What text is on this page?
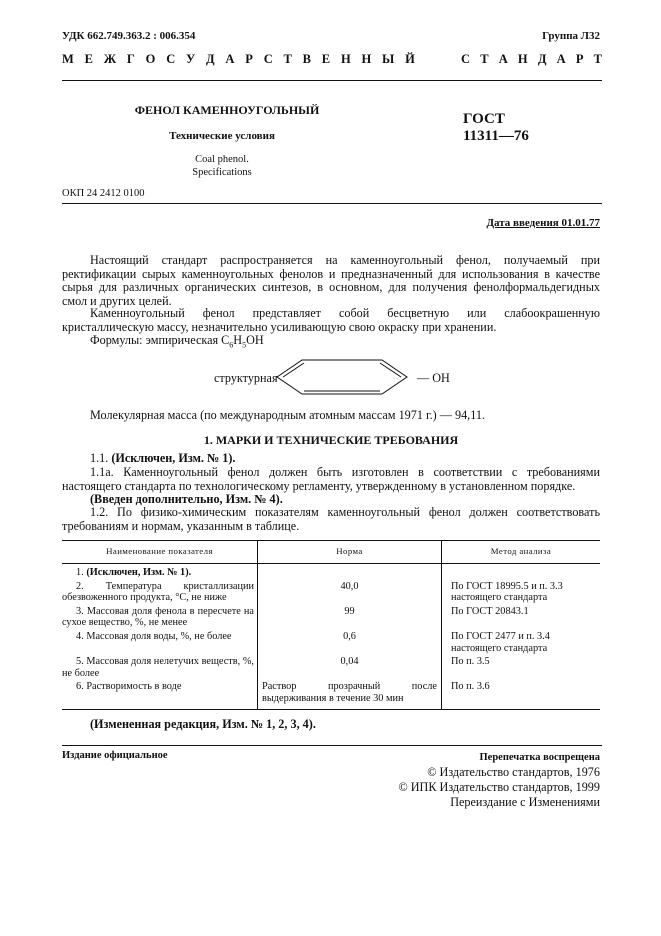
УДК 662.749.363.2 : 006.354	Группа Л32
М Е Ж Г О С У Д А Р С Т В Е Н Н Ы Й	С Т А Н Д А Р Т
ФЕНОЛ КАМЕННОУГОЛЬНЫЙ
Технические условия
Coal phenol.
Specifications
ГОСТ
11311—76
ОКП 24 2412 0100
Дата введения 01.01.77
Настоящий стандарт распространяется на каменноугольный фенол, получаемый при ректификации сырых каменноугольных фенолов и предназначенный для использования в качестве сырья для различных органических синтезов, в основном, для получения фенолформальдегидных смол и других целей.
Каменноугольный фенол представляет собой бесцветную или слабоокрашенную кристаллическую массу, незначительно усиливающую свою окраску при хранении.
Формулы: эмпирическая $C_6H_5OH$
структурная	— OH
Молекулярная масса (по международным атомным массам 1971 г.) — 94,11.
1. МАРКИ И ТЕХНИЧЕСКИЕ ТРЕБОВАНИЯ
1.1. (Исключен, Изм. № 1).
1.1а. Каменноугольный фенол должен быть изготовлен в соответствии с требованиями настоящего стандарта по технологическому регламенту, утвержденному в установленном порядке.
(Введен дополнительно, Изм. № 4).
1.2. По физико-химическим показателям каменноугольный фенол должен соответствовать требованиям и нормам, указанным в таблице.
Наименование показателя	Норма	Метод анализа
1. (Исключен, Изм. № 1).		
2. Температура кристаллизации обезвоженного продукта, °С, не ниже	40,0	По ГОСТ 18995.5 и п. 3.3 настоящего стандарта
3. Массовая доля фенола в пересчете на сухое вещество, %, не менее	99	По ГОСТ 20843.1
4. Массовая доля воды, %, не более	0,6	По ГОСТ 2477 и п. 3.4 настоящего стандарта
5. Массовая доля нелетучих веществ, %, не более	0,04	По п. 3.5
6. Растворимость в воде	Раствор прозрачный после выдерживания в течение 30 мин	По п. 3.6
(Измененная редакция, Изм. № 1, 2, 3, 4).
Издание официальное	Перепечатка воспрещена
© Издательство стандартов, 1976
© ИПК Издательство стандартов, 1999
Переиздание с Изменениями
